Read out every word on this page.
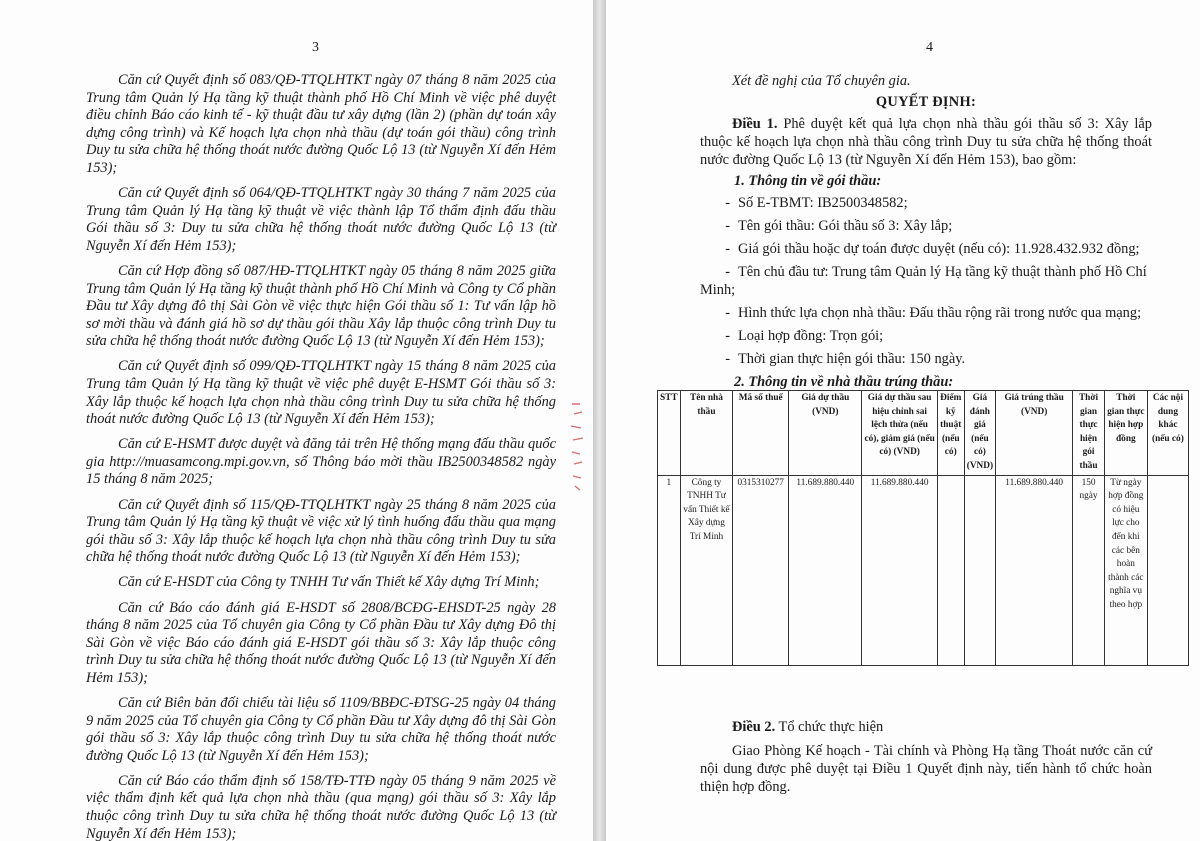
3

Căn cứ Quyết định số 083/QĐ-TTQLHTKT ngày 07 tháng 8 năm 2025 của Trung tâm Quản lý Hạ tầng kỹ thuật thành phố Hồ Chí Minh về việc phê duyệt điều chỉnh Báo cáo kinh tế - kỹ thuật đầu tư xây dựng (lần 2) (phần dự toán xây dựng công trình) và Kế hoạch lựa chọn nhà thầu (dự toán gói thầu) công trình Duy tu sửa chữa hệ thống thoát nước đường Quốc Lộ 13 (từ Nguyễn Xí đến Hẻm 153);

Căn cứ Quyết định số 064/QĐ-TTQLHTKT ngày 30 tháng 7 năm 2025 của Trung tâm Quản lý Hạ tầng kỹ thuật về việc thành lập Tổ thẩm định đấu thầu Gói thầu số 3: Duy tu sửa chữa hệ thống thoát nước đường Quốc Lộ 13 (từ Nguyễn Xí đến Hẻm 153);

Căn cứ Hợp đồng số 087/HĐ-TTQLHTKT ngày 05 tháng 8 năm 2025 giữa Trung tâm Quản lý Hạ tầng kỹ thuật thành phố Hồ Chí Minh và Công ty Cổ phần Đầu tư Xây dựng đô thị Sài Gòn về việc thực hiện Gói thầu số 1: Tư vấn lập hồ sơ mời thầu và đánh giá hồ sơ dự thầu gói thầu Xây lắp thuộc công trình Duy tu sửa chữa hệ thống thoát nước đường Quốc Lộ 13 (từ Nguyễn Xí đến Hẻm 153);

Căn cứ Quyết định số 099/QĐ-TTQLHTKT ngày 15 tháng 8 năm 2025 của Trung tâm Quản lý Hạ tầng kỹ thuật về việc phê duyệt E-HSMT Gói thầu số 3: Xây lắp thuộc kế hoạch lựa chọn nhà thầu công trình Duy tu sửa chữa hệ thống thoát nước đường Quốc Lộ 13 (từ Nguyễn Xí đến Hẻm 153);

Căn cứ E-HSMT được duyệt và đăng tải trên Hệ thống mạng đấu thầu quốc gia http://muasamcong.mpi.gov.vn, số Thông báo mời thầu IB2500348582 ngày 15 tháng 8 năm 2025;

Căn cứ Quyết định số 115/QĐ-TTQLHTKT ngày 25 tháng 8 năm 2025 của Trung tâm Quản lý Hạ tầng kỹ thuật về việc xử lý tình huống đấu thầu qua mạng gói thầu số 3: Xây lắp thuộc kế hoạch lựa chọn nhà thầu công trình Duy tu sửa chữa hệ thống thoát nước đường Quốc Lộ 13 (từ Nguyễn Xí đến Hẻm 153);

Căn cứ E-HSDT của Công ty TNHH Tư vấn Thiết kế Xây dựng Trí Minh;

Căn cứ Báo cáo đánh giá E-HSDT số 2808/BCĐG-EHSDT-25 ngày 28 tháng 8 năm 2025 của Tổ chuyên gia Công ty Cổ phần Đầu tư Xây dựng Đô thị Sài Gòn về việc Báo cáo đánh giá E-HSDT gói thầu số 3: Xây lắp thuộc công trình Duy tu sửa chữa hệ thống thoát nước đường Quốc Lộ 13 (từ Nguyễn Xí đến Hẻm 153);

Căn cứ Biên bản đối chiếu tài liệu số 1109/BBĐC-ĐTSG-25 ngày 04 tháng 9 năm 2025 của Tổ chuyên gia Công ty Cổ phần Đầu tư Xây dựng đô thị Sài Gòn gói thầu số 3: Xây lắp thuộc công trình Duy tu sửa chữa hệ thống thoát nước đường Quốc Lộ 13 (từ Nguyễn Xí đến Hẻm 153);

Căn cứ Báo cáo thẩm định số 158/TĐ-TTĐ ngày 05 tháng 9 năm 2025 về việc thẩm định kết quả lựa chọn nhà thầu (qua mạng) gói thầu số 3: Xây lắp thuộc công trình Duy tu sửa chữa hệ thống thoát nước đường Quốc Lộ 13 (từ Nguyễn Xí đến Hẻm 153);

4

Xét đề nghị của Tổ chuyên gia.

QUYẾT ĐỊNH:

Điều 1. Phê duyệt kết quả lựa chọn nhà thầu gói thầu số 3: Xây lắp thuộc kế hoạch lựa chọn nhà thầu công trình Duy tu sửa chữa hệ thống thoát nước đường Quốc Lộ 13 (từ Nguyễn Xí đến Hẻm 153), bao gồm:

1. Thông tin về gói thầu:

- Số E-TBMT: IB2500348582;

- Tên gói thầu: Gói thầu số 3: Xây lắp;

- Giá gói thầu hoặc dự toán được duyệt (nếu có): 11.928.432.932 đồng;

- Tên chủ đầu tư: Trung tâm Quản lý Hạ tầng kỹ thuật thành phố Hồ Chí Minh;

- Hình thức lựa chọn nhà thầu: Đấu thầu rộng rãi trong nước qua mạng;

- Loại hợp đồng: Trọn gói;

- Thời gian thực hiện gói thầu: 150 ngày.

2. Thông tin về nhà thầu trúng thầu:

STT	Tên nhà thầu	Mã số thuế	Giá dự thầu (VND)	Giá dự thầu sau hiệu chỉnh sai lệch thừa (nếu có), giảm giá (nếu có) (VND)	Điểm kỹ thuật (nếu có)	Giá đánh giá (nếu có) (VND)	Giá trúng thầu (VND)	Thời gian thực hiện gói thầu	Thời gian thực hiện hợp đồng	Các nội dung khác (nếu có)
1	Công ty TNHH Tư vấn Thiết kế Xây dựng Trí Minh	0315310277	11.689.880.440	11.689.880.440			11.689.880.440	150 ngày	Từ ngày hợp đồng có hiệu lực cho đến khi các bên hoàn thành các nghĩa vụ theo hợp	

Điều 2. Tổ chức thực hiện

Giao Phòng Kế hoạch - Tài chính và Phòng Hạ tầng Thoát nước căn cứ nội dung được phê duyệt tại Điều 1 Quyết định này, tiến hành tổ chức hoàn thiện hợp đồng.
